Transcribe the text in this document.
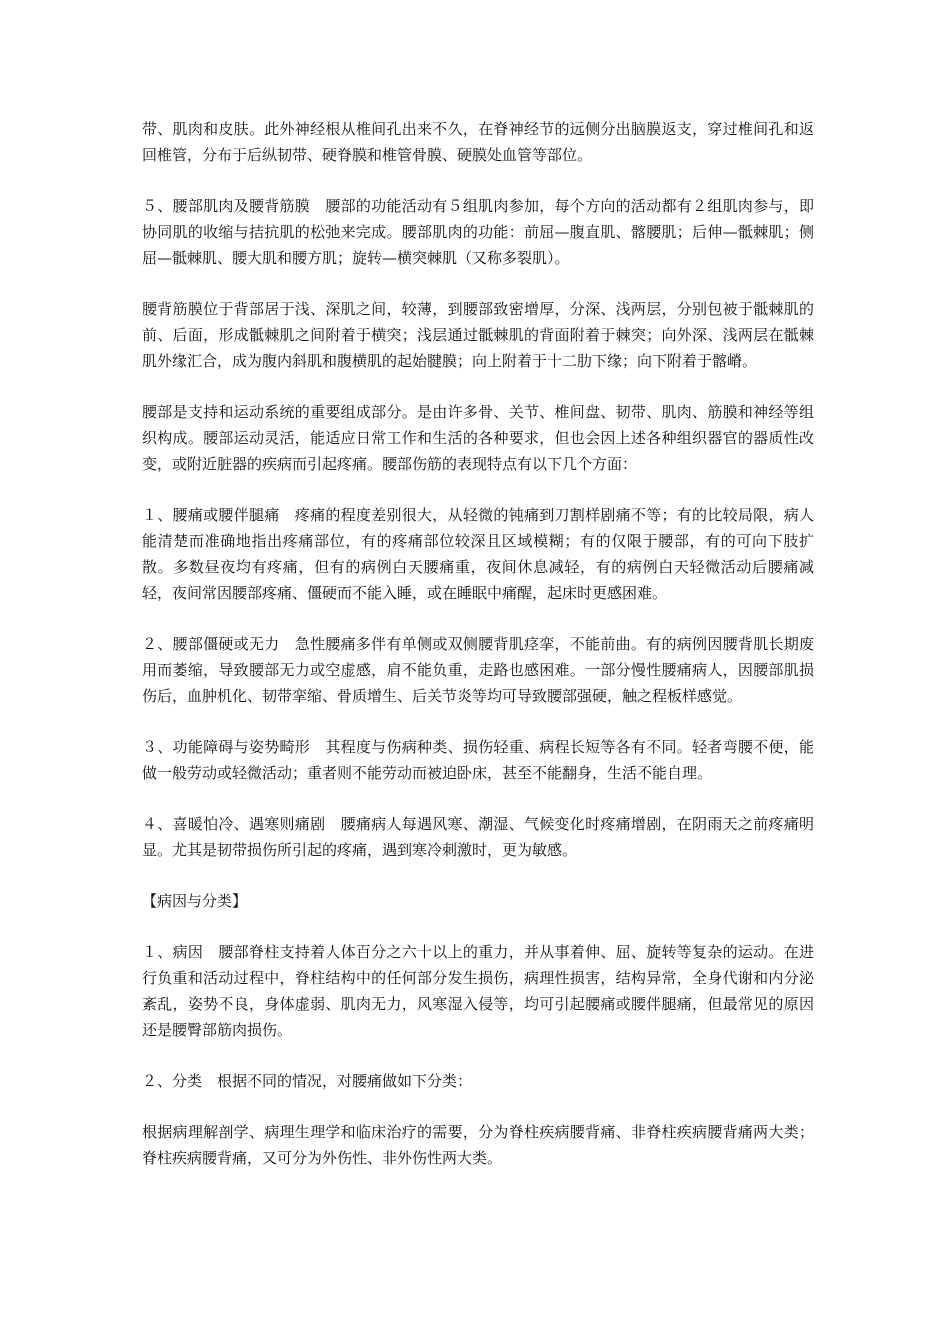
带、肌肉和皮肤。此外神经根从椎间孔出来不久，在脊神经节的远侧分出脑膜返支，穿过椎间孔和返回椎管，分布于后纵韧带、硬脊膜和椎管骨膜、硬膜处血管等部位。

５、腰部肌肉及腰背筋膜　腰部的功能活动有５组肌肉参加，每个方向的活动都有２组肌肉参与，即协同肌的收缩与拮抗肌的松弛来完成。腰部肌肉的功能：前屈—腹直肌、髂腰肌；后伸—骶棘肌；侧屈—骶棘肌、腰大肌和腰方肌；旋转—横突棘肌（又称多裂肌）。

腰背筋膜位于背部居于浅、深肌之间，较薄，到腰部致密增厚，分深、浅两层，分别包被于骶棘肌的前、后面，形成骶棘肌之间附着于横突；浅层通过骶棘肌的背面附着于棘突；向外深、浅两层在骶棘肌外缘汇合，成为腹内斜肌和腹横肌的起始腱膜；向上附着于十二肋下缘；向下附着于髂嵴。

腰部是支持和运动系统的重要组成部分。是由许多骨、关节、椎间盘、韧带、肌肉、筋膜和神经等组织构成。腰部运动灵活，能适应日常工作和生活的各种要求，但也会因上述各种组织器官的器质性改变，或附近脏器的疾病而引起疼痛。腰部伤筋的表现特点有以下几个方面：

１、腰痛或腰伴腿痛　疼痛的程度差别很大，从轻微的钝痛到刀割样剧痛不等；有的比较局限，病人能清楚而准确地指出疼痛部位，有的疼痛部位较深且区域模糊；有的仅限于腰部，有的可向下肢扩散。多数昼夜均有疼痛，但有的病例白天腰痛重，夜间休息减轻，有的病例白天轻微活动后腰痛减轻，夜间常因腰部疼痛、僵硬而不能入睡，或在睡眠中痛醒，起床时更感困难。

２、腰部僵硬或无力　急性腰痛多伴有单侧或双侧腰背肌痉挛，不能前曲。有的病例因腰背肌长期废用而萎缩，导致腰部无力或空虚感，肩不能负重，走路也感困难。一部分慢性腰痛病人，因腰部肌损伤后，血肿机化、韧带挛缩、骨质增生、后关节炎等均可导致腰部强硬，触之程板样感觉。

３、功能障碍与姿势畸形　其程度与伤病种类、损伤轻重、病程长短等各有不同。轻者弯腰不便，能做一般劳动或轻微活动；重者则不能劳动而被迫卧床，甚至不能翻身，生活不能自理。

４、喜暖怕冷、遇寒则痛剧　腰痛病人每遇风寒、潮湿、气候变化时疼痛增剧，在阴雨天之前疼痛明显。尤其是韧带损伤所引起的疼痛，遇到寒冷刺激时，更为敏感。

【病因与分类】

１、病因　腰部脊柱支持着人体百分之六十以上的重力，并从事着伸、屈、旋转等复杂的运动。在进行负重和活动过程中，脊柱结构中的任何部分发生损伤，病理性损害，结构异常，全身代谢和内分泌紊乱，姿势不良，身体虚弱、肌肉无力，风寒湿入侵等，均可引起腰痛或腰伴腿痛，但最常见的原因还是腰臀部筋肉损伤。

２、分类　根据不同的情况，对腰痛做如下分类：

根据病理解剖学、病理生理学和临床治疗的需要，分为脊柱疾病腰背痛、非脊柱疾病腰背痛两大类；脊柱疾病腰背痛，又可分为外伤性、非外伤性两大类。
